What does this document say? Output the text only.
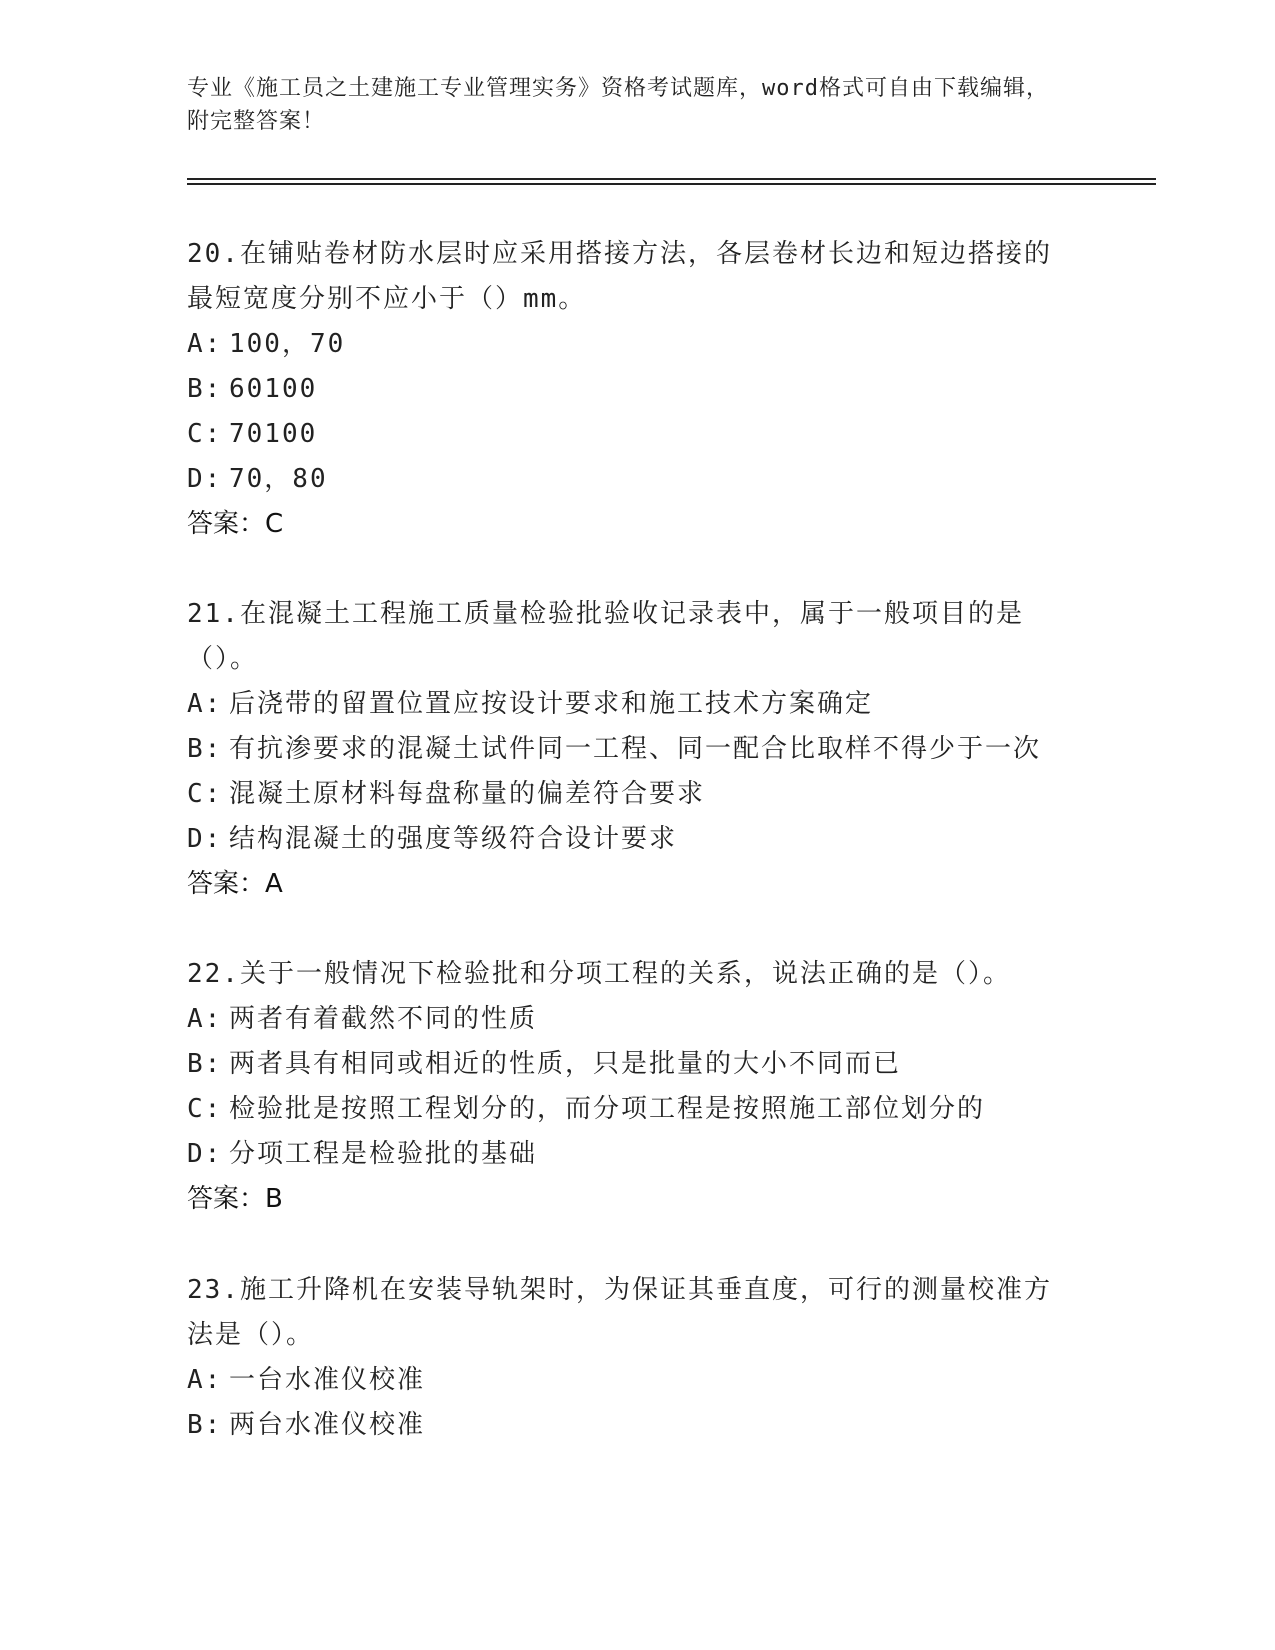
专业《施工员之土建施工专业管理实务》资格考试题库，word格式可自由下载编辑，附完整答案！

20.在铺贴卷材防水层时应采用搭接方法，各层卷材长边和短边搭接的最短宽度分别不应小于（）mm。

A: 100，70

B: 60100

C: 70100

D: 70，80

答案：C

21.在混凝土工程施工质量检验批验收记录表中，属于一般项目的是（）。

A: 后浇带的留置位置应按设计要求和施工技术方案确定

B: 有抗渗要求的混凝土试件同一工程、同一配合比取样不得少于一次

C: 混凝土原材料每盘称量的偏差符合要求

D: 结构混凝土的强度等级符合设计要求

答案：A

22.关于一般情况下检验批和分项工程的关系，说法正确的是（）。

A: 两者有着截然不同的性质

B: 两者具有相同或相近的性质，只是批量的大小不同而已

C: 检验批是按照工程划分的，而分项工程是按照施工部位划分的

D: 分项工程是检验批的基础

答案：B

23.施工升降机在安装导轨架时，为保证其垂直度，可行的测量校准方法是（）。

A: 一台水准仪校准

B: 两台水准仪校准
